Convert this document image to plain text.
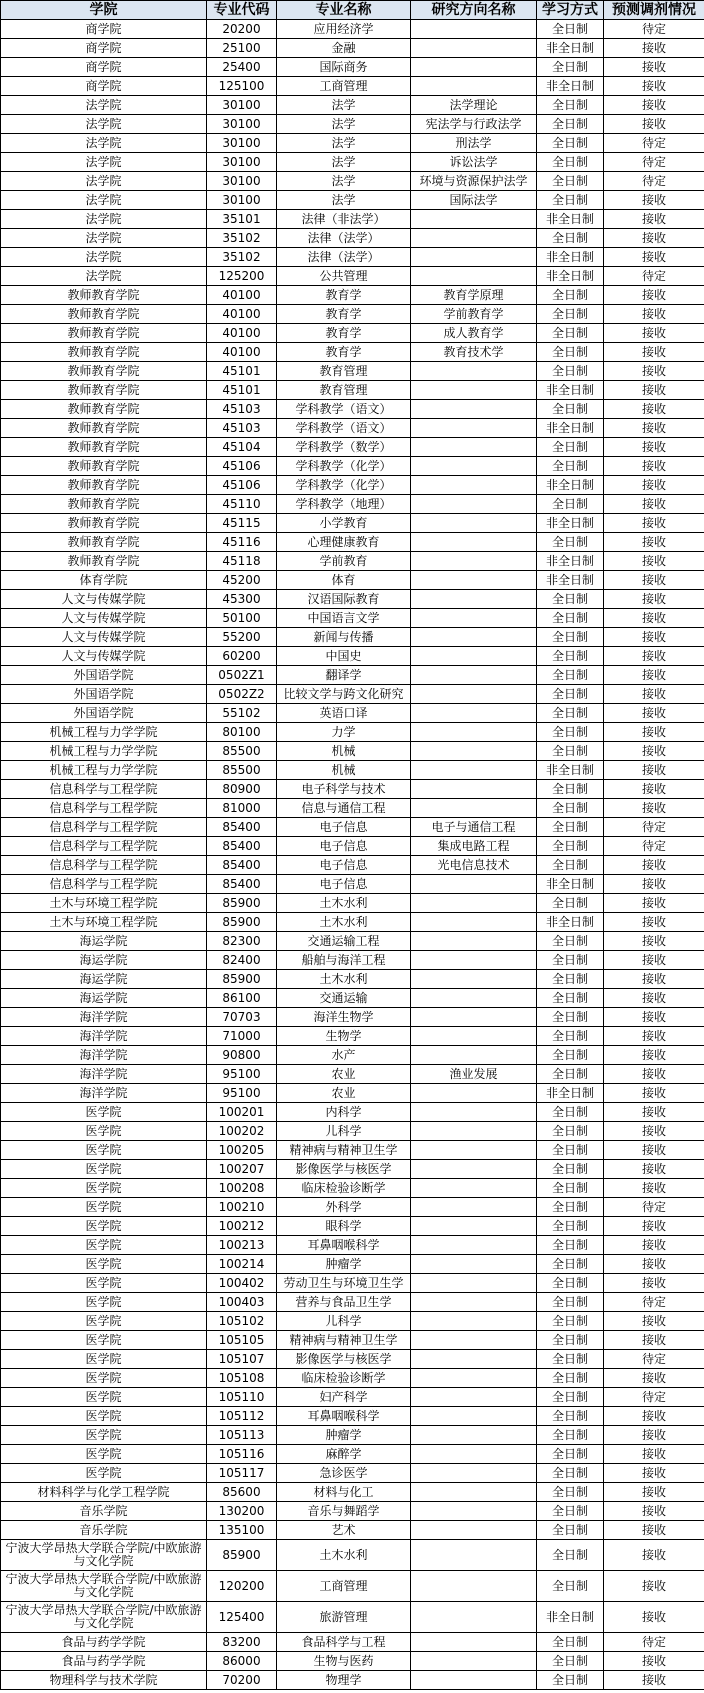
学院	专业代码	专业名称	研究方向名称	学习方式	预测调剂情况
商学院	20200	应用经济学		全日制	待定
商学院	25100	金融		非全日制	接收
商学院	25400	国际商务		全日制	接收
商学院	125100	工商管理		非全日制	接收
法学院	30100	法学	法学理论	全日制	接收
法学院	30100	法学	宪法学与行政法学	全日制	接收
法学院	30100	法学	刑法学	全日制	待定
法学院	30100	法学	诉讼法学	全日制	待定
法学院	30100	法学	环境与资源保护法学	全日制	待定
法学院	30100	法学	国际法学	全日制	接收
法学院	35101	法律（非法学）		非全日制	接收
法学院	35102	法律（法学）		全日制	接收
法学院	35102	法律（法学）		非全日制	接收
法学院	125200	公共管理		非全日制	待定
教师教育学院	40100	教育学	教育学原理	全日制	接收
教师教育学院	40100	教育学	学前教育学	全日制	接收
教师教育学院	40100	教育学	成人教育学	全日制	接收
教师教育学院	40100	教育学	教育技术学	全日制	接收
教师教育学院	45101	教育管理		全日制	接收
教师教育学院	45101	教育管理		非全日制	接收
教师教育学院	45103	学科教学（语文）		全日制	接收
教师教育学院	45103	学科教学（语文）		非全日制	接收
教师教育学院	45104	学科教学（数学）		全日制	接收
教师教育学院	45106	学科教学（化学）		全日制	接收
教师教育学院	45106	学科教学（化学）		非全日制	接收
教师教育学院	45110	学科教学（地理）		全日制	接收
教师教育学院	45115	小学教育		非全日制	接收
教师教育学院	45116	心理健康教育		全日制	接收
教师教育学院	45118	学前教育		非全日制	接收
体育学院	45200	体育		非全日制	接收
人文与传媒学院	45300	汉语国际教育		全日制	接收
人文与传媒学院	50100	中国语言文学		全日制	接收
人文与传媒学院	55200	新闻与传播		全日制	接收
人文与传媒学院	60200	中国史		全日制	接收
外国语学院	0502Z1	翻译学		全日制	接收
外国语学院	0502Z2	比较文学与跨文化研究		全日制	接收
外国语学院	55102	英语口译		全日制	接收
机械工程与力学学院	80100	力学		全日制	接收
机械工程与力学学院	85500	机械		全日制	接收
机械工程与力学学院	85500	机械		非全日制	接收
信息科学与工程学院	80900	电子科学与技术		全日制	接收
信息科学与工程学院	81000	信息与通信工程		全日制	接收
信息科学与工程学院	85400	电子信息	电子与通信工程	全日制	待定
信息科学与工程学院	85400	电子信息	集成电路工程	全日制	待定
信息科学与工程学院	85400	电子信息	光电信息技术	全日制	接收
信息科学与工程学院	85400	电子信息		非全日制	接收
土木与环境工程学院	85900	土木水利		全日制	接收
土木与环境工程学院	85900	土木水利		非全日制	接收
海运学院	82300	交通运输工程		全日制	接收
海运学院	82400	船舶与海洋工程		全日制	接收
海运学院	85900	土木水利		全日制	接收
海运学院	86100	交通运输		全日制	接收
海洋学院	70703	海洋生物学		全日制	接收
海洋学院	71000	生物学		全日制	接收
海洋学院	90800	水产		全日制	接收
海洋学院	95100	农业	渔业发展	全日制	接收
海洋学院	95100	农业		非全日制	接收
医学院	100201	内科学		全日制	接收
医学院	100202	儿科学		全日制	接收
医学院	100205	精神病与精神卫生学		全日制	接收
医学院	100207	影像医学与核医学		全日制	接收
医学院	100208	临床检验诊断学		全日制	接收
医学院	100210	外科学		全日制	待定
医学院	100212	眼科学		全日制	接收
医学院	100213	耳鼻咽喉科学		全日制	接收
医学院	100214	肿瘤学		全日制	接收
医学院	100402	劳动卫生与环境卫生学		全日制	接收
医学院	100403	营养与食品卫生学		全日制	待定
医学院	105102	儿科学		全日制	接收
医学院	105105	精神病与精神卫生学		全日制	接收
医学院	105107	影像医学与核医学		全日制	待定
医学院	105108	临床检验诊断学		全日制	接收
医学院	105110	妇产科学		全日制	待定
医学院	105112	耳鼻咽喉科学		全日制	接收
医学院	105113	肿瘤学		全日制	接收
医学院	105116	麻醉学		全日制	接收
医学院	105117	急诊医学		全日制	接收
材料科学与化学工程学院	85600	材料与化工		全日制	接收
音乐学院	130200	音乐与舞蹈学		全日制	接收
音乐学院	135100	艺术		全日制	接收
宁波大学昂热大学联合学院/中欧旅游与文化学院	85900	土木水利		全日制	接收
宁波大学昂热大学联合学院/中欧旅游与文化学院	120200	工商管理		全日制	接收
宁波大学昂热大学联合学院/中欧旅游与文化学院	125400	旅游管理		非全日制	接收
食品与药学学院	83200	食品科学与工程		全日制	待定
食品与药学学院	86000	生物与医药		全日制	接收
物理科学与技术学院	70200	物理学		全日制	接收
